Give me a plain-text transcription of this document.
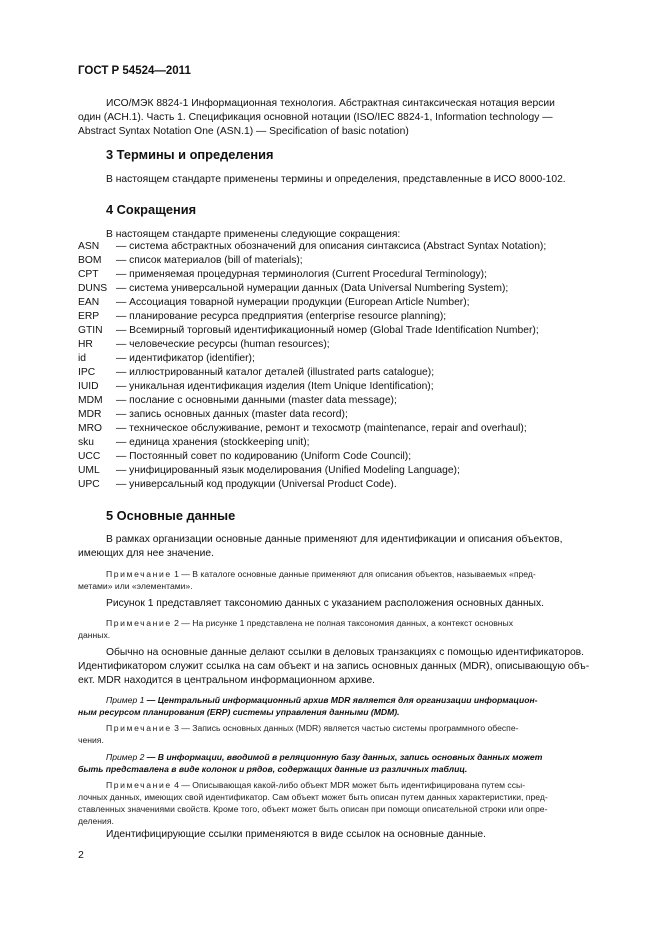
ГОСТ Р 54524—2011
ИСО/МЭК 8824-1 Информационная технология. Абстрактная синтаксическая нотация версии
один (АСН.1). Часть 1. Спецификация основной нотации (ISO/IEC 8824-1, Information technology —
Abstract Syntax Notation One (ASN.1) — Specification of basic notation)
3 Термины и определения
В настоящем стандарте применены термины и определения, представленные в ИСО 8000-102.
4 Сокращения
В настоящем стандарте применены следующие сокращения:
ASN — система абстрактных обозначений для описания синтаксиса (Abstract Syntax Notation);
BOM — список материалов (bill of materials);
CPT — применяемая процедурная терминология (Current Procedural Terminology);
DUNS — система универсальной нумерации данных (Data Universal Numbering System);
EAN — Ассоциация товарной нумерации продукции (European Article Number);
ERP — планирование ресурса предприятия (enterprise resource planning);
GTIN — Всемирный торговый идентификационный номер (Global Trade Identification Number);
HR — человеческие ресурсы (human resources);
id	— идентификатор (identifier);
IPC — иллюстрированный каталог деталей (illustrated parts catalogue);
IUID — уникальная идентификация изделия (Item Unique Identification);
MDM — послание с основными данными (master data message);
MDR — запись основных данных (master data record);
MRO — техническое обслуживание, ремонт и техосмотр (maintenance, repair and overhaul);
sku — единица хранения (stockkeeping unit);
UCC — Постоянный совет по кодированию (Uniform Code Council);
UML — унифицированный язык моделирования (Unified Modeling Language);
UPC — универсальный код продукции (Universal Product Code).
5 Основные данные
В рамках организации основные данные применяют для идентификации и описания объектов,
имеющих для нее значение.
Примечание 1 — В каталоге основные данные применяют для описания объектов, называемых «пред-
метами» или «элементами».
Рисунок 1 представляет таксономию данных с указанием расположения основных данных.
Примечание 2 — На рисунке 1 представлена не полная таксономия данных, а контекст основных
данных.
Обычно на основные данные делают ссылки в деловых транзакциях с помощью идентификаторов.
Идентификатором служит ссылка на сам объект и на запись основных данных (MDR), описывающую объ-
ект. MDR находится в центральном информационном архиве.
Пример 1 — Центральный информационный архив MDR является для организации информацион-
ным ресурсом планирования (ERP) системы управления данными (MDM).
Примечание 3 — Запись основных данных (MDR) является частью системы программного обеспе-
чения.
Пример 2 — В информации, вводимой в реляционную базу данных, запись основных данных может
быть представлена в виде колонок и рядов, содержащих данные из различных таблиц.
Примечание 4 — Описывающая какой-либо объект MDR может быть идентифицирована путем ссы-
лочных данных, имеющих свой идентификатор. Сам объект может быть описан путем данных характеристики, пред-
ставленных значениями свойств. Кроме того, объект может быть описан при помощи описательной строки или опре-
деления.
Идентифицирующие ссылки применяются в виде ссылок на основные данные.
2
